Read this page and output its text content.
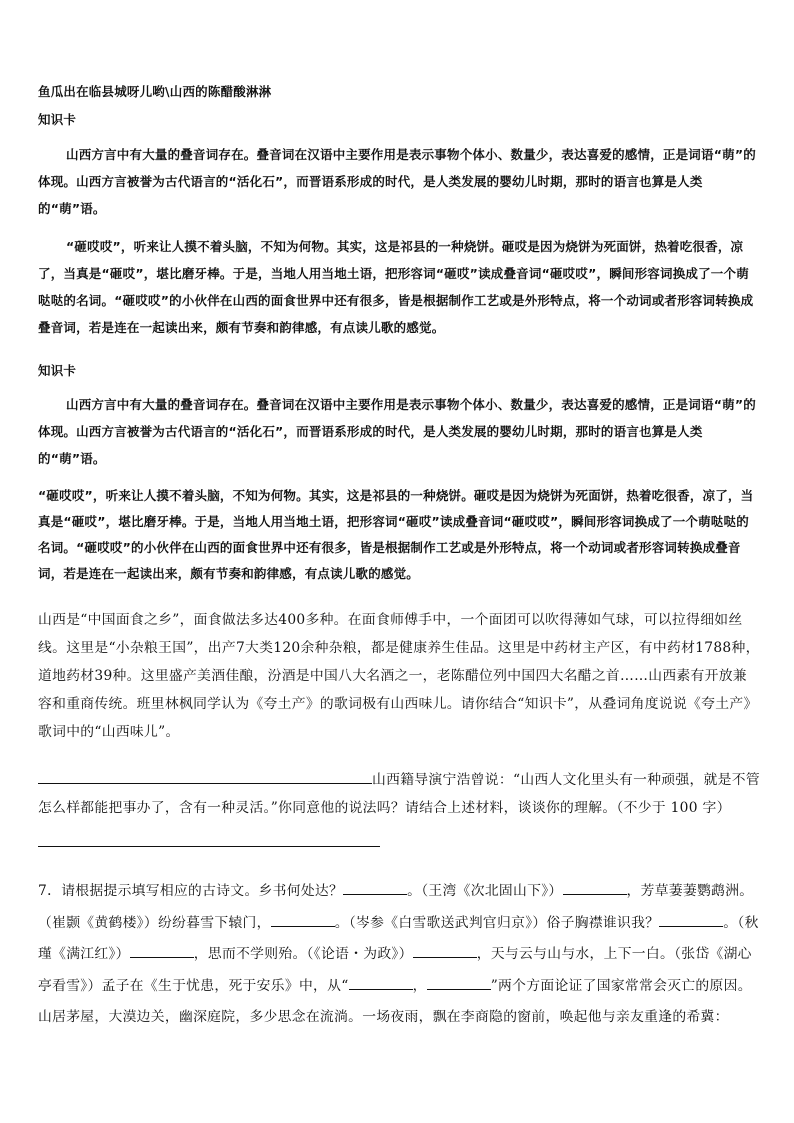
鱼瓜出在临县城呀儿哟\山西的陈醋酸淋淋

知识卡

山西方言中有大量的叠音词存在。叠音词在汉语中主要作用是表示事物个体小、数量少，表达喜爱的感情，正是词语“萌”的体现。山西方言被誉为古代语言的“活化石”，而晋语系形成的时代，是人类发展的婴幼儿时期，那时的语言也算是人类的“萌”语。

“砸哎哎”，听来让人摸不着头脑，不知为何物。其实，这是祁县的一种烧饼。砸哎是因为烧饼为死面饼，热着吃很香，凉了，当真是“砸哎”，堪比磨牙棒。于是，当地人用当地土语，把形容词“砸哎”读成叠音词“砸哎哎”，瞬间形容词换成了一个萌哒哒的名词。“砸哎哎”的小伙伴在山西的面食世界中还有很多，皆是根据制作工艺或是外形特点，将一个动词或者形容词转换成叠音词，若是连在一起读出来，颇有节奏和韵律感，有点读儿歌的感觉。

知识卡

山西方言中有大量的叠音词存在。叠音词在汉语中主要作用是表示事物个体小、数量少，表达喜爱的感情，正是词语“萌”的体现。山西方言被誉为古代语言的“活化石”，而晋语系形成的时代，是人类发展的婴幼儿时期，那时的语言也算是人类的“萌”语。

“砸哎哎”，听来让人摸不着头脑，不知为何物。其实，这是祁县的一种烧饼。砸哎是因为烧饼为死面饼，热着吃很香，凉了，当真是“砸哎”，堪比磨牙棒。于是，当地人用当地土语，把形容词“砸哎”读成叠音词“砸哎哎”，瞬间形容词换成了一个萌哒哒的名词。“砸哎哎”的小伙伴在山西的面食世界中还有很多，皆是根据制作工艺或是外形特点，将一个动词或者形容词转换成叠音词，若是连在一起读出来，颇有节奏和韵律感，有点读儿歌的感觉。

山西是“中国面食之乡”，面食做法多达400多种。在面食师傅手中，一个面团可以吹得薄如气球，可以拉得细如丝线。这里是“小杂粮王国”，出产7大类120余种杂粮，都是健康养生佳品。这里是中药材主产区，有中药材1788种，道地药材39种。这里盛产美酒佳酿，汾酒是中国八大名酒之一，老陈醋位列中国四大名醋之首……山西素有开放兼容和重商传统。班里林枫同学认为《夸土产》的歌词极有山西味儿。请你结合“知识卡”，从叠词角度说说《夸土产》歌词中的“山西味儿”。

山西籍导演宁浩曾说：“山西人文化里头有一种顽强，就是不管怎么样都能把事办了，含有一种灵活。”你同意他的说法吗？请结合上述材料，谈谈你的理解。（不少于 100 字）
7．请根据提示填写相应的古诗文。乡书何处达？	。（王湾《次北固山下》）	，芳草萋萋鹦鹉洲。（崔颢《黄鹤楼》）纷纷暮雪下辕门，	。（岑参《白雪歌送武判官归京》）俗子胸襟谁识我？	。（秋瑾《满江红》）	，思而不学则殆。（《论语・为政》）	，天与云与山与水，上下一白。（张岱《湖心亭看雪》）孟子在《生于忧患，死于安乐》中，从“	，	”两个方面论证了国家常常会灭亡的原因。山居茅屋，大漠边关，幽深庭院，多少思念在流淌。一场夜雨，飘在李商隐的窗前，唤起他与亲友重逢的希冀：
